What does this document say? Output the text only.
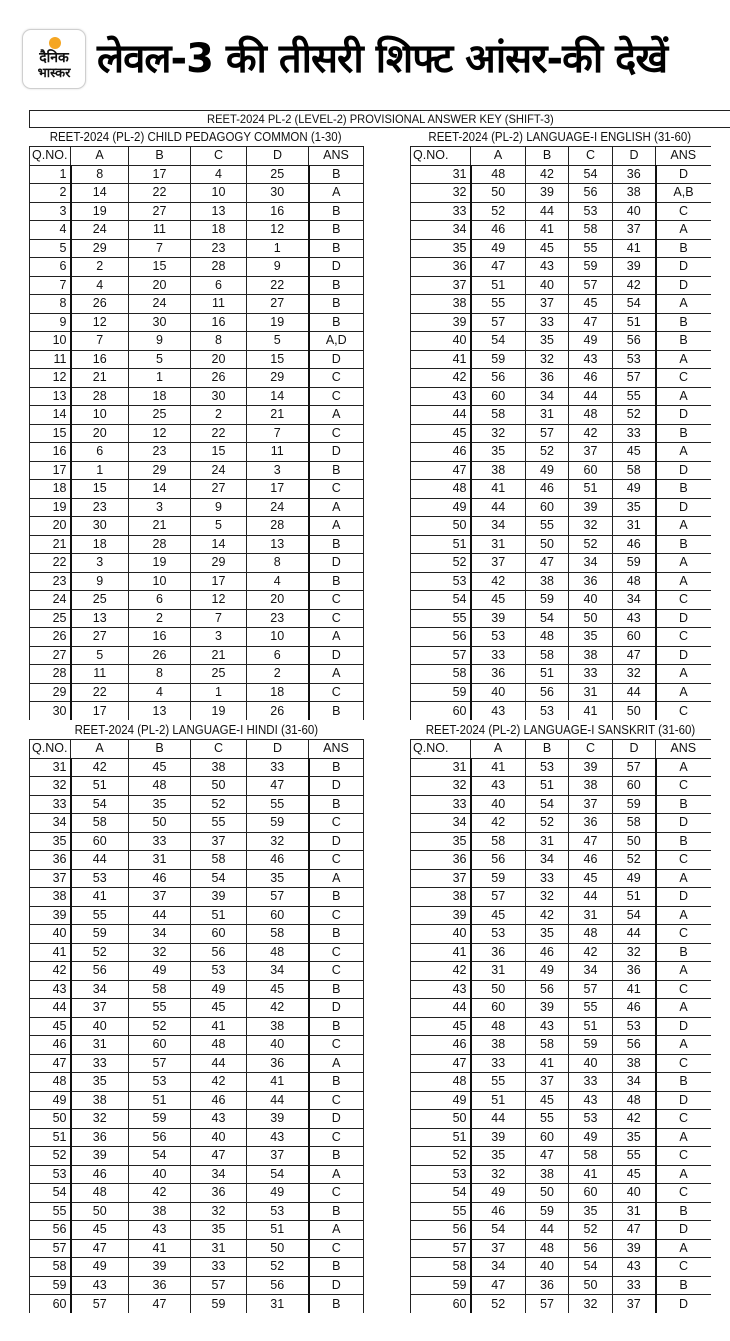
दैनिक
भास्कर लेवल-3 की तीसरी शिफ्ट आंसर-की देखें
REET-2024 PL-2 (LEVEL-2) PROVISIONAL ANSWER KEY (SHIFT-3)
REET-2024 (PL-2) CHILD PEDAGOGY COMMON (1-30)	REET-2024 (PL-2) LANGUAGE-I ENGLISH (31-60)
REET-2024 (PL-2) LANGUAGE-I HINDI (31-60)	REET-2024 (PL-2) LANGUAGE-I SANSKRIT (31-60)
Q.NO.	A	B	C	D	ANS
1	8	17	4	25	B
2	14	22	10	30	A
3	19	27	13	16	B
4	24	11	18	12	B
5	29	7	23	1	B
6	2	15	28	9	D
7	4	20	6	22	B
8	26	24	11	27	B
9	12	30	16	19	B
10	7	9	8	5	A,D
11	16	5	20	15	D
12	21	1	26	29	C
13	28	18	30	14	C
14	10	25	2	21	A
15	20	12	22	7	C
16	6	23	15	11	D
17	1	29	24	3	B
18	15	14	27	17	C
19	23	3	9	24	A
20	30	21	5	28	A
21	18	28	14	13	B
22	3	19	29	8	D
23	9	10	17	4	B
24	25	6	12	20	C
25	13	2	7	23	C
26	27	16	3	10	A
27	5	26	21	6	D
28	11	8	25	2	A
29	22	4	1	18	C
30	17	13	19	26	B
Q.NO.	A	B	C	D	ANS
31	48	42	54	36	D
32	50	39	56	38	A,B
33	52	44	53	40	C
34	46	41	58	37	A
35	49	45	55	41	B
36	47	43	59	39	D
37	51	40	57	42	D
38	55	37	45	54	A
39	57	33	47	51	B
40	54	35	49	56	B
41	59	32	43	53	A
42	56	36	46	57	C
43	60	34	44	55	A
44	58	31	48	52	D
45	32	57	42	33	B
46	35	52	37	45	A
47	38	49	60	58	D
48	41	46	51	49	B
49	44	60	39	35	D
50	34	55	32	31	A
51	31	50	52	46	B
52	37	47	34	59	A
53	42	38	36	48	A
54	45	59	40	34	C
55	39	54	50	43	D
56	53	48	35	60	C
57	33	58	38	47	D
58	36	51	33	32	A
59	40	56	31	44	A
60	43	53	41	50	C
Q.NO.	A	B	C	D	ANS
31	42	45	38	33	B
32	51	48	50	47	D
33	54	35	52	55	B
34	58	50	55	59	C
35	60	33	37	32	D
36	44	31	58	46	C
37	53	46	54	35	A
38	41	37	39	57	B
39	55	44	51	60	C
40	59	34	60	58	B
41	52	32	56	48	C
42	56	49	53	34	C
43	34	58	49	45	B
44	37	55	45	42	D
45	40	52	41	38	B
46	31	60	48	40	C
47	33	57	44	36	A
48	35	53	42	41	B
49	38	51	46	44	C
50	32	59	43	39	D
51	36	56	40	43	C
52	39	54	47	37	B
53	46	40	34	54	A
54	48	42	36	49	C
55	50	38	32	53	B
56	45	43	35	51	A
57	47	41	31	50	C
58	49	39	33	52	B
59	43	36	57	56	D
60	57	47	59	31	B
Q.NO.	A	B	C	D	ANS
31	41	53	39	57	A
32	43	51	38	60	C
33	40	54	37	59	B
34	42	52	36	58	D
35	58	31	47	50	B
36	56	34	46	52	C
37	59	33	45	49	A
38	57	32	44	51	D
39	45	42	31	54	A
40	53	35	48	44	C
41	36	46	42	32	B
42	31	49	34	36	A
43	50	56	57	41	C
44	60	39	55	46	A
45	48	43	51	53	D
46	38	58	59	56	A
47	33	41	40	38	C
48	55	37	33	34	B
49	51	45	43	48	D
50	44	55	53	42	C
51	39	60	49	35	A
52	35	47	58	55	C
53	32	38	41	45	A
54	49	50	60	40	C
55	46	59	35	31	B
56	54	44	52	47	D
57	37	48	56	39	A
58	34	40	54	43	C
59	47	36	50	33	B
60	52	57	32	37	D
